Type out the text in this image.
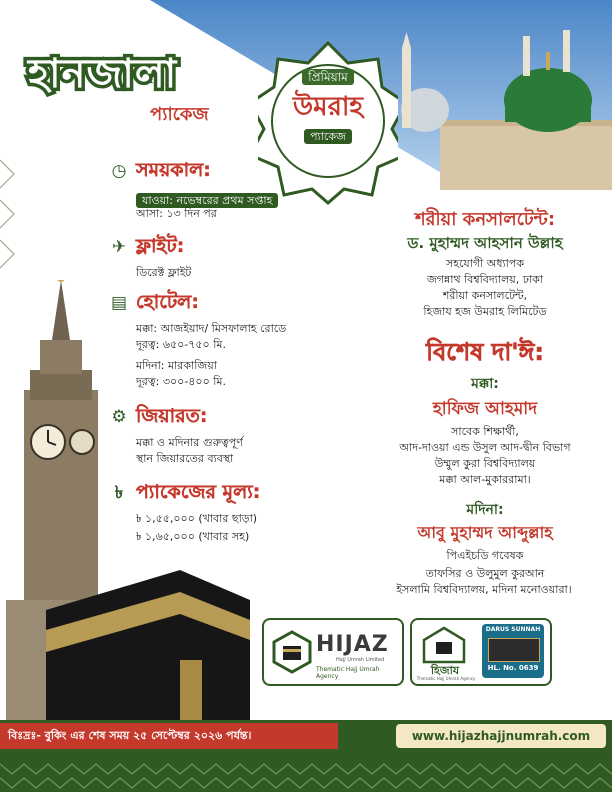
হানজালা
প্যাকেজ
প্রিমিয়াম
উমরাহ
প্যাকেজ
◷ সময়কাল:
যাওয়া: নভেম্বরের প্রথম সপ্তাহ
আসা: ১৩ দিন পর
✈ ফ্লাইট:
ডিরেক্ট ফ্লাইট
▤ হোটেল:
মক্কা: আজইয়াদ/ মিসফালাহ রোডে
দূরত্ব: ৬৫০-৭৫০ মি.
মদিনা: মারকাজিয়া
দূরত্ব: ৩০০-৪০০ মি.
⚙ জিয়ারত:
মক্কা ও মদিনার গুরুত্বপূর্ণ
স্থান জিয়ারতের ব্যবস্থা
৳ প্যাকেজের মূল্য:
৳ ১,৫৫,০০০ (খাবার ছাড়া)
৳ ১,৬৫,০০০ (খাবার সহ)
শরীয়া কনসালটেন্ট:
ড. মুহাম্মদ আহসান উল্লাহ
সহযোগী অধ্যাপক
জগন্নাথ বিশ্ববিদ্যালয়, ঢাকা
শরীয়া কনসালটেন্ট,
হিজায হজ উমরাহ লিমিটেড
বিশেষ দা'ঈ:
মক্কা:
হাফিজ আহমাদ
সাবেক শিক্ষার্থী,
আদ-দাওয়া এন্ড উসুল আদ-দ্বীন বিভাগ
উম্মুল কুরা বিশ্ববিদ্যালয়
মক্কা আল-মুকাররামা।
মদিনা:
আবু মুহাম্মদ আব্দুল্লাহ
পিএইচডি গবেষক
তাফসির ও উলুমুল কুরআন
ইসলামি বিশ্ববিদ্যালয়, মদিনা মনোওয়ারা।
HIJAZ
Hajj Umrah Limited
Thematic Hajj Umrah Agency	হিজায
Thematic Hajj Umrah Agency
DARUS SUNNAH
HL. No. 0639
বিঃদ্রঃ- বুকিং এর শেষ সময় ২৫ সেপ্টেম্বর ২০২৬ পর্যন্ত।	www.hijazhajjnumrah.com
